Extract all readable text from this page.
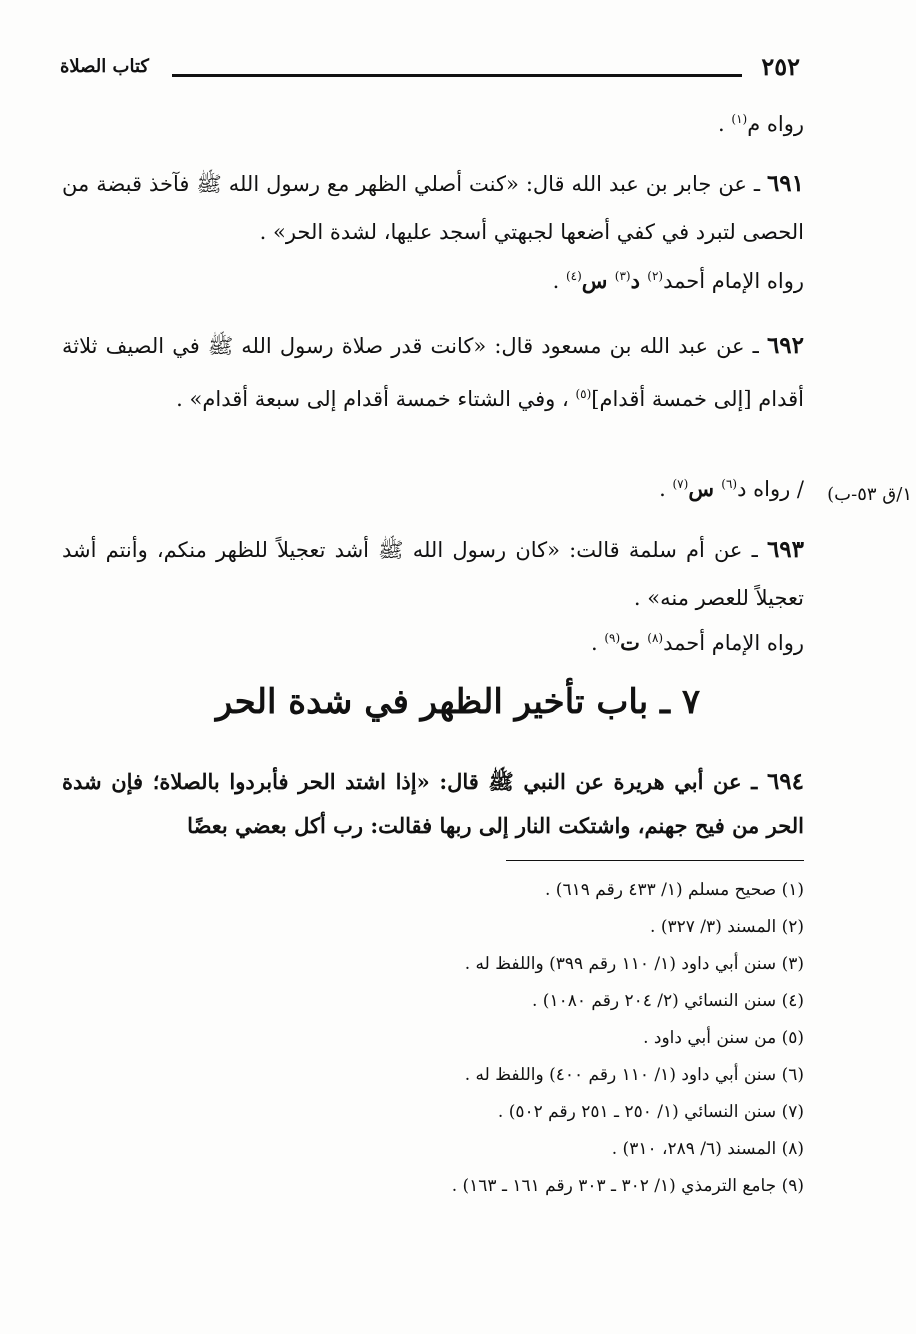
٢٥٢
كتاب الصلاة
رواه م$^{(١)}$ .
٦٩١ ـ عن جابر بن عبد الله قال: «كنت أصلي الظهر مع رسول الله ﷺ فآخذ قبضة من الحصى لتبرد في كفي أضعها لجبهتي أسجد عليها، لشدة الحر» .
رواه الإمام أحمد$^{(٢)}$ د$^{(٣)}$ س$^{(٤)}$ .
٦٩٢ ـ عن عبد الله بن مسعود قال: «كانت قدر صلاة رسول الله ﷺ في الصيف ثلاثة أقدام [إلى خمسة أقدام]$^{(٥)}$ ، وفي الشتاء خمسة أقدام إلى سبعة أقدام» .
/ رواه د$^{(٦)}$ س$^{(٧)}$ .	١/ق ٥٣-ب)
٦٩٣ ـ عن أم سلمة قالت: «كان رسول الله ﷺ أشد تعجيلاً للظهر منكم، وأنتم أشد تعجيلاً للعصر منه» .
رواه الإمام أحمد$^{(٨)}$ ت$^{(٩)}$ .
٧ ـ باب تأخير الظهر في شدة الحر
٦٩٤ ـ عن أبي هريرة عن النبي ﷺ قال: «إذا اشتد الحر فأبردوا بالصلاة؛ فإن شدة الحر من فيح جهنم، واشتكت النار إلى ربها فقالت: رب أكل بعضي بعضًا
(١) صحيح مسلم (١/ ٤٣٣ رقم ٦١٩) .
(٢) المسند (٣/ ٣٢٧) .
(٣) سنن أبي داود (١/ ١١٠ رقم ٣٩٩) واللفظ له .
(٤) سنن النسائي (٢/ ٢٠٤ رقم ١٠٨٠) .
(٥) من سنن أبي داود .
(٦) سنن أبي داود (١/ ١١٠ رقم ٤٠٠) واللفظ له .
(٧) سنن النسائي (١/ ٢٥٠ ـ ٢٥١ رقم ٥٠٢) .
(٨) المسند (٦/ ٢٨٩، ٣١٠) .
(٩) جامع الترمذي (١/ ٣٠٢ ـ ٣٠٣ رقم ١٦١ ـ ١٦٣) .
